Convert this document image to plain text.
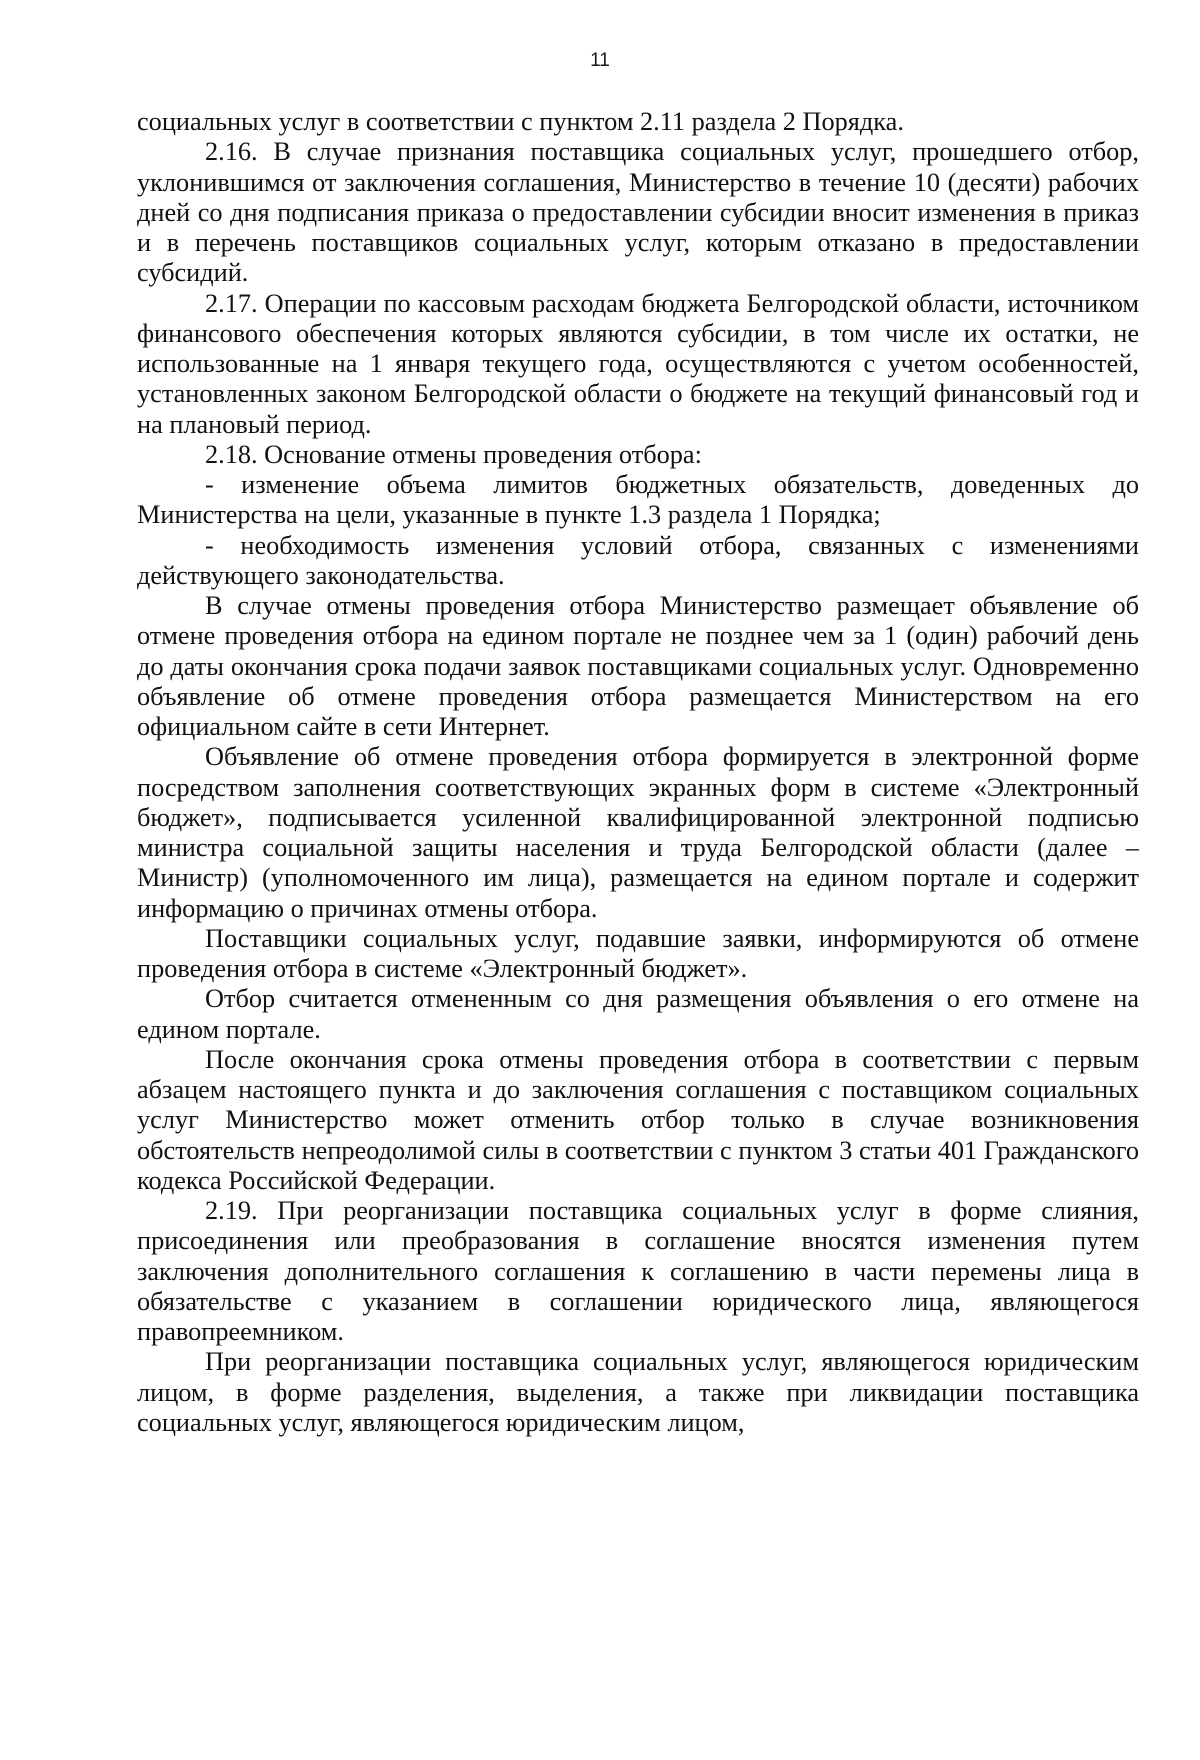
11

социальных услуг в соответствии с пунктом 2.11 раздела 2 Порядка.

2.16. В случае признания поставщика социальных услуг, прошедшего отбор, уклонившимся от заключения соглашения, Министерство в течение 10 (десяти) рабочих дней со дня подписания приказа о предоставлении субсидии вносит изменения в приказ и в перечень поставщиков социальных услуг, которым отказано в предоставлении субсидий.

2.17. Операции по кассовым расходам бюджета Белгородской области, источником финансового обеспечения которых являются субсидии, в том числе их остатки, не использованные на 1 января текущего года, осуществляются с учетом особенностей, установленных законом Белгородской области о бюджете на текущий финансовый год и на плановый период.

2.18. Основание отмены проведения отбора:

- изменение объема лимитов бюджетных обязательств, доведенных до Министерства на цели, указанные в пункте 1.3 раздела 1 Порядка;

- необходимость изменения условий отбора, связанных с изменениями действующего законодательства.

В случае отмены проведения отбора Министерство размещает объявление об отмене проведения отбора на едином портале не позднее чем за 1 (один) рабочий день до даты окончания срока подачи заявок поставщиками социальных услуг. Одновременно объявление об отмене проведения отбора размещается Министерством на его официальном сайте в сети Интернет.

Объявление об отмене проведения отбора формируется в электронной форме посредством заполнения соответствующих экранных форм в системе «Электронный бюджет», подписывается усиленной квалифицированной электронной подписью министра социальной защиты населения и труда Белгородской области (далее – Министр) (уполномоченного им лица), размещается на едином портале и содержит информацию о причинах отмены отбора.

Поставщики социальных услуг, подавшие заявки, информируются об отмене проведения отбора в системе «Электронный бюджет».

Отбор считается отмененным со дня размещения объявления о его отмене на едином портале.

После окончания срока отмены проведения отбора в соответствии с первым абзацем настоящего пункта и до заключения соглашения с поставщиком социальных услуг Министерство может отменить отбор только в случае возникновения обстоятельств непреодолимой силы в соответствии с пунктом 3 статьи 401 Гражданского кодекса Российской Федерации.

2.19. При реорганизации поставщика социальных услуг в форме слияния, присоединения или преобразования в соглашение вносятся изменения путем заключения дополнительного соглашения к соглашению в части перемены лица в обязательстве с указанием в соглашении юридического лица, являющегося правопреемником.

При реорганизации поставщика социальных услуг, являющегося юридическим лицом, в форме разделения, выделения, а также при ликвидации поставщика социальных услуг, являющегося юридическим лицом,
